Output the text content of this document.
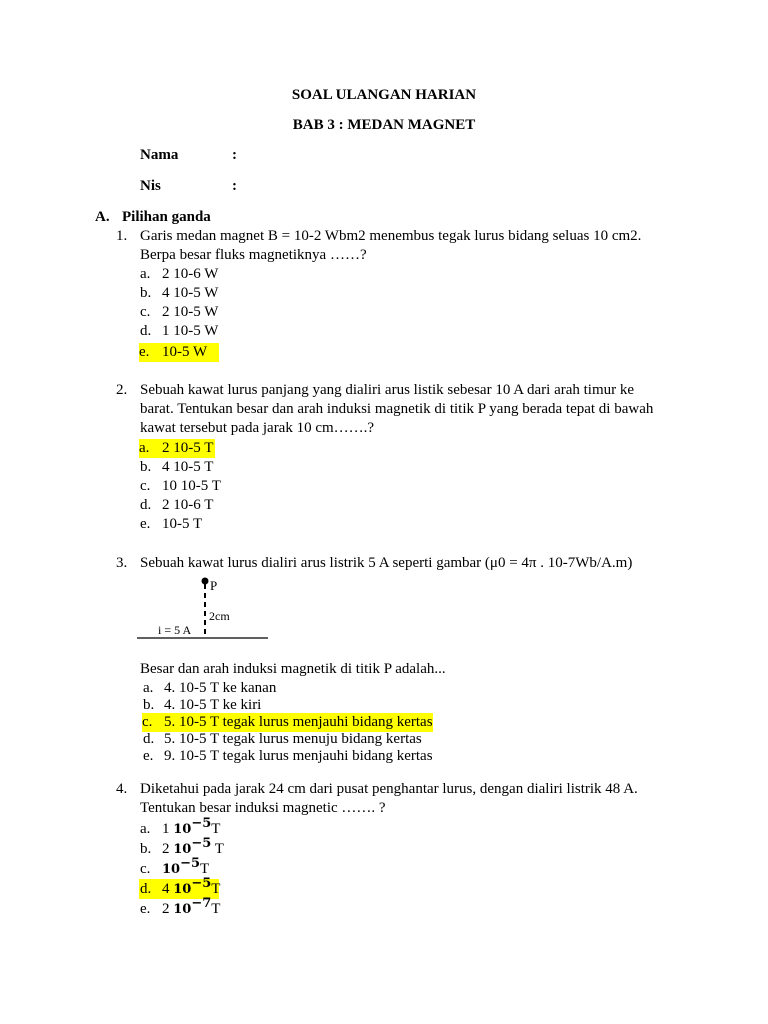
SOAL ULANGAN HARIAN
BAB 3 : MEDAN MAGNET
Nama	:
Nis	:
A. Pilihan ganda
1. Garis medan magnet B = 10-2 Wbm2 menembus tegak lurus bidang seluas 10 cm2.
Berpa besar fluks magnetiknya ……?
a. 2 10-6 W
b. 4 10-5 W
c. 2 10-5 W
d. 1 10-5 W
e. 10-5 W
2. Sebuah kawat lurus panjang yang dialiri arus listik sebesar 10 A dari arah timur ke
barat. Tentukan besar dan arah induksi magnetik di titik P yang berada tepat di bawah
kawat tersebut pada jarak 10 cm…….?
a. 2 10-5 T
b. 4 10-5 T
c. 10 10-5 T
d. 2 10-6 T
e. 10-5 T
3. Sebuah kawat lurus dialiri arus listrik 5 A seperti gambar (μ0 = 4π . 10-7Wb/A.m)
P
2cm
i = 5 A
Besar dan arah induksi magnetik di titik P adalah...
a. 4. 10-5 T ke kanan
b. 4. 10-5 T ke kiri
c. 5. 10-5 T tegak lurus menjauhi bidang kertas
d. 5. 10-5 T tegak lurus menuju bidang kertas
e. 9. 10-5 T tegak lurus menjauhi bidang kertas
4. Diketahui pada jarak 24 cm dari pusat penghantar lurus, dengan dialiri listrik 48 A.
Tentukan besar induksi magnetic ……. ?
a. 1 $10^{-5}T$
b. 2 $10^{-5}$ T
c. $10^{-5}T$
d. 4 $10^{-5}T$
e. 2 $10^{-7}T$
